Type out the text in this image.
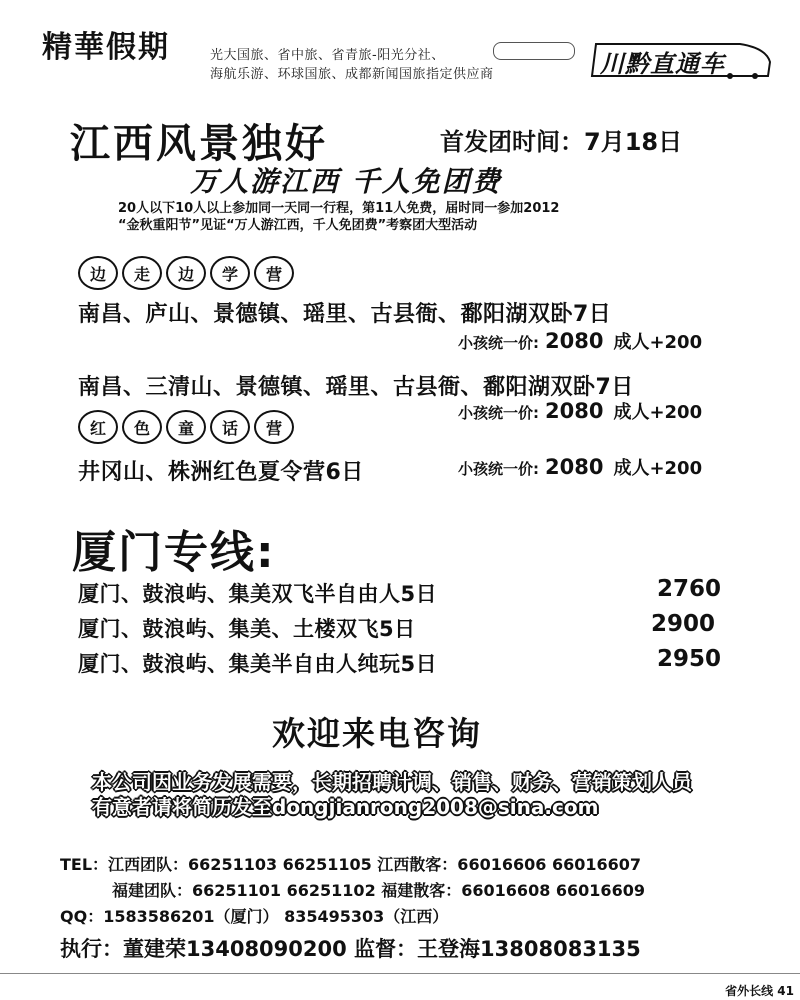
精華假期	光大国旅、省中旅、省青旅-阳光分社、
海航乐游、环球国旅、成都新闻国旅指定供应商	川黔直通车
江西风景独好	首发团时间：7月18日
万人游江西 千人免团费
20人以下10人以上参加同一天同一行程，第11人免费，届时同一参加2012
“金秋重阳节”见证“万人游江西，千人免团费”考察团大型活动
边	走	边	学	营
南昌、庐山、景德镇、瑶里、古县衙、鄱阳湖双卧7日
小孩统一价: 2080 成人+200
南昌、三清山、景德镇、瑶里、古县衙、鄱阳湖双卧7日
小孩统一价: 2080 成人+200
红	色	童	话	营
井冈山、株洲红色夏令营6日	小孩统一价: 2080 成人+200
厦门专线:
厦门、鼓浪屿、集美双飞半自由人5日	2760
厦门、鼓浪屿、集美、土楼双飞5日	2900
厦门、鼓浪屿、集美半自由人纯玩5日	2950
欢迎来电咨询
本公司因业务发展需要，长期招聘计调、销售、财务、营销策划人员
有意者请将简历发至dongjianrong2008@sina.com
TEL：江西团队：66251103 66251105 江西散客：66016606 66016607
福建团队：66251101 66251102 福建散客：66016608 66016609
QQ：1583586201（厦门） 835495303（江西）
执行：董建荣13408090200 监督：王登海13808083135
省外长线 41
